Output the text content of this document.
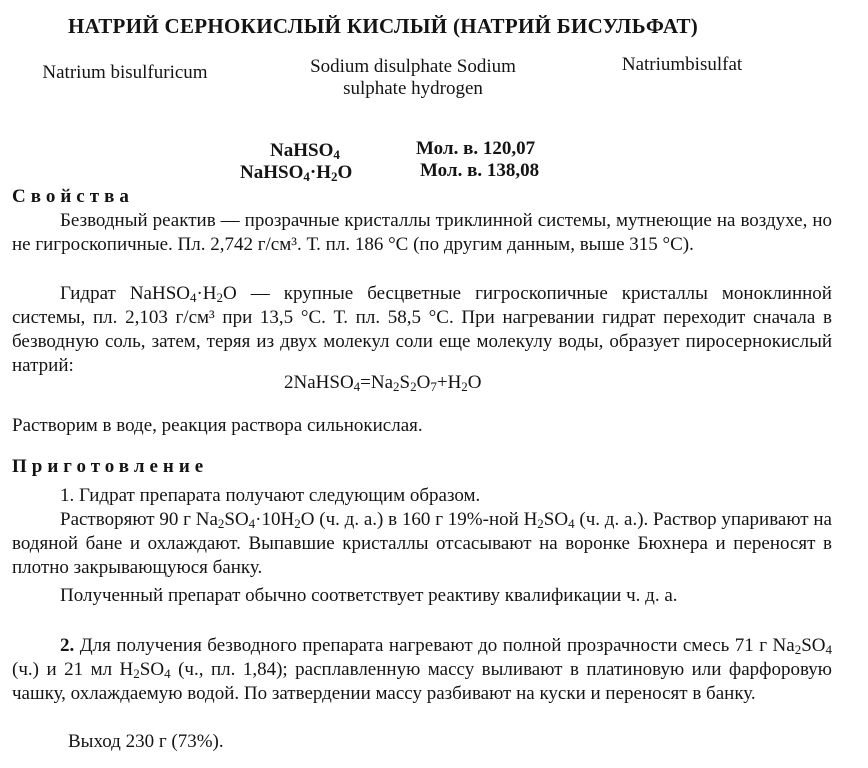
НАТРИЙ СЕРНОКИСЛЫЙ КИСЛЫЙ (НАТРИЙ БИСУЛЬФАТ)
Natrium bisulfuricum	Sodium disulphate Sodium sulphate hydrogen
Natriumbisulfat
NaHSO$_4$
$NaHSO_4\cdot H_2O$
Мол. в. 120,07
Мол. в. 138,08
Свойства
Безводный реактив — прозрачные кристаллы триклинной системы, мутнеющие на воздухе, но не гигроскопичные. Пл. 2,742 г/см³. Т. пл. 186 °С (по другим данным, выше 315 °С).
Гидрат $NaHSO_4\cdot H_2O$ — крупные бесцветные гигроскопичные кристаллы моноклинной системы, пл. 2,103 г/см³ при 13,5 °С. Т. пл. 58,5 °С. При нагревании гидрат переходит сначала в безводную соль, затем, теряя из двух молекул соли еще молекулу воды, образует пиросернокислый натрий:
$2NaHSO_4=Na_2S_2O_7+H_2O$
Растворим в воде, реакция раствора сильнокислая.
Приготовление
1. Гидрат препарата получают следующим образом.
Растворяют 90 г $Na_2SO_4\cdot 10H_2O$ (ч. д. а.) в 160 г 19%-ной $H_2SO_4$ (ч. д. а.). Раствор упаривают на водяной бане и охлаждают. Выпавшие кристаллы отсасывают на воронке Бюхнера и переносят в плотно закрывающуюся банку.
Полученный препарат обычно соответствует реактиву квалификации ч. д. а.
2. Для получения безводного препарата нагревают до полной прозрачности смесь 71 г $Na_2SO_4$ (ч.) и 21 мл $H_2SO_4$ (ч., пл. 1,84); расплавленную массу выливают в платиновую или фарфоровую чашку, охлаждаемую водой. По затвердении массу разбивают на куски и переносят в банку.
Выход 230 г (73%).
